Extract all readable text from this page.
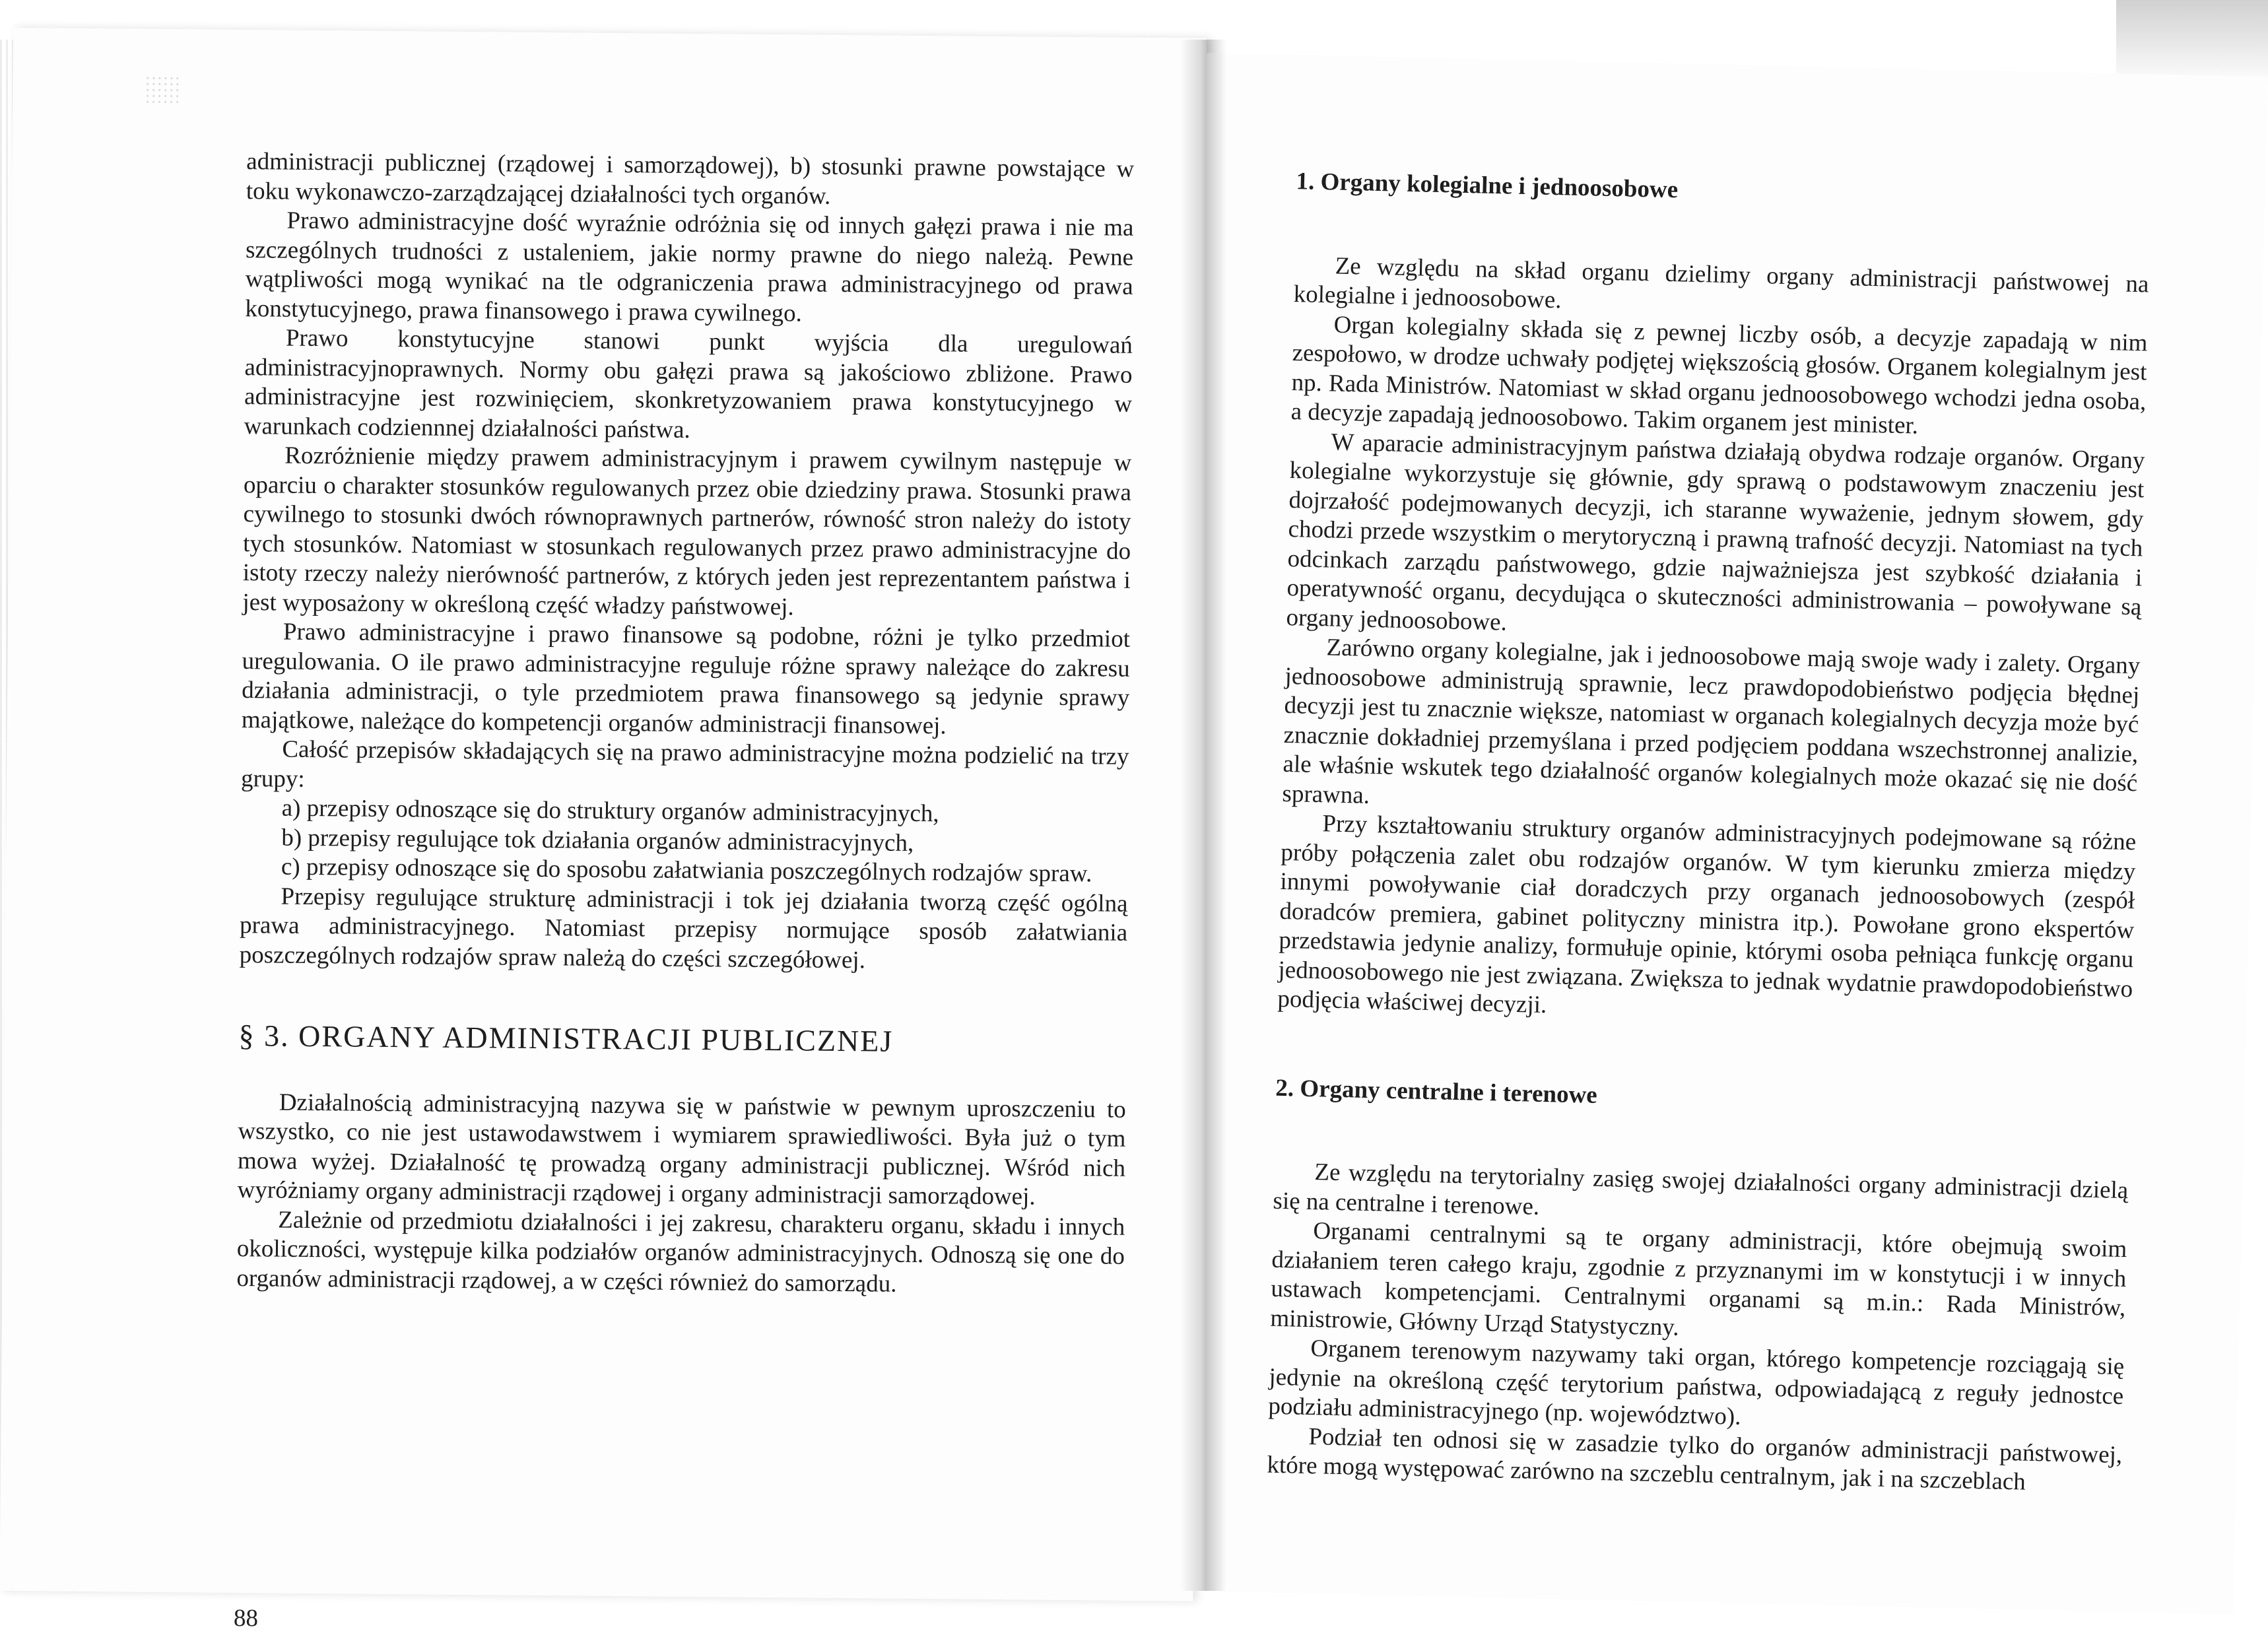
administracji publicznej (rządowej i samorządowej), b) stosunki prawne powstające w toku wykonawczo-zarządzającej działalności tych organów.

Prawo administracyjne dość wyraźnie odróżnia się od innych gałęzi prawa i nie ma szczególnych trudności z ustaleniem, jakie normy prawne do niego należą. Pewne wątpliwości mogą wynikać na tle odgraniczenia prawa administracyjnego od prawa konstytucyjnego, prawa finansowego i prawa cywilnego.

Prawo konstytucyjne stanowi punkt wyjścia dla uregulowań administracyjnoprawnych. Normy obu gałęzi prawa są jakościowo zbliżone. Prawo administracyjne jest rozwinięciem, skonkretyzowaniem prawa konstytucyjnego w warunkach codziennnej działalności państwa.

Rozróżnienie między prawem administracyjnym i prawem cywilnym następuje w oparciu o charakter stosunków regulowanych przez obie dziedziny prawa. Stosunki prawa cywilnego to stosunki dwóch równoprawnych partnerów, równość stron należy do istoty tych stosunków. Natomiast w stosunkach regulowanych przez prawo administracyjne do istoty rzeczy należy nierówność partnerów, z których jeden jest reprezentantem państwa i jest wyposażony w określoną część władzy państwowej.

Prawo administracyjne i prawo finansowe są podobne, różni je tylko przedmiot uregulowania. O ile prawo administracyjne reguluje różne sprawy należące do zakresu działania administracji, o tyle przedmiotem prawa finansowego są jedynie sprawy majątkowe, należące do kompetencji organów administracji finansowej.

Całość przepisów składających się na prawo administracyjne można podzielić na trzy grupy:

a) przepisy odnoszące się do struktury organów administracyjnych,

b) przepisy regulujące tok działania organów administracyjnych,

c) przepisy odnoszące się do sposobu załatwiania poszczególnych rodzajów spraw.

Przepisy regulujące strukturę administracji i tok jej działania tworzą część ogólną prawa administracyjnego. Natomiast przepisy normujące sposób załatwiania poszczególnych rodzajów spraw należą do części szczegółowej.

§ 3. ORGANY ADMINISTRACJI PUBLICZNEJ

Działalnością administracyjną nazywa się w państwie w pewnym uproszczeniu to wszystko, co nie jest ustawodawstwem i wymiarem sprawiedliwości. Była już o tym mowa wyżej. Działalność tę prowadzą organy administracji publicznej. Wśród nich wyróżniamy organy administracji rządowej i organy administracji samorządowej.

Zależnie od przedmiotu działalności i jej zakresu, charakteru organu, składu i innych okoliczności, występuje kilka podziałów organów administracyjnych. Odnoszą się one do organów administracji rządowej, a w części również do samorządu.

88
1. Organy kolegialne i jednoosobowe

Ze względu na skład organu dzielimy organy administracji państwowej na kolegialne i jednoosobowe.

Organ kolegialny składa się z pewnej liczby osób, a decyzje zapadają w nim zespołowo, w drodze uchwały podjętej większością głosów. Organem kolegialnym jest np. Rada Ministrów. Natomiast w skład organu jednoosobowego wchodzi jedna osoba, a decyzje zapadają jednoosobowo. Takim organem jest minister.

W aparacie administracyjnym państwa działają obydwa rodzaje organów. Organy kolegialne wykorzystuje się głównie, gdy sprawą o podstawowym znaczeniu jest dojrzałość podejmowanych decyzji, ich staranne wyważenie, jednym słowem, gdy chodzi przede wszystkim o merytoryczną i prawną trafność decyzji. Natomiast na tych odcinkach zarządu państwowego, gdzie najważniejsza jest szybkość działania i operatywność organu, decydująca o skuteczności administrowania – powoływane są organy jednoosobowe.

Zarówno organy kolegialne, jak i jednoosobowe mają swoje wady i zalety. Organy jednoosobowe administrują sprawnie, lecz prawdopodobieństwo podjęcia błędnej decyzji jest tu znacznie większe, natomiast w organach kolegialnych decyzja może być znacznie dokładniej przemyślana i przed podjęciem poddana wszechstronnej analizie, ale właśnie wskutek tego działalność organów kolegialnych może okazać się nie dość sprawna.

Przy kształtowaniu struktury organów administracyjnych podejmowane są różne próby połączenia zalet obu rodzajów organów. W tym kierunku zmierza między innymi powoływanie ciał doradczych przy organach jednoosobowych (zespół doradców premiera, gabinet polityczny ministra itp.). Powołane grono ekspertów przedstawia jedynie analizy, formułuje opinie, którymi osoba pełniąca funkcję organu jednoosobowego nie jest związana. Zwiększa to jednak wydatnie prawdopodobieństwo podjęcia właściwej decyzji.

2. Organy centralne i terenowe

Ze względu na terytorialny zasięg swojej działalności organy administracji dzielą się na centralne i terenowe.

Organami centralnymi są te organy administracji, które obejmują swoim działaniem teren całego kraju, zgodnie z przyznanymi im w konstytucji i w innych ustawach kompetencjami. Centralnymi organami są m.in.: Rada Ministrów, ministrowie, Główny Urząd Statystyczny.

Organem terenowym nazywamy taki organ, którego kompetencje rozciągają się jedynie na określoną część terytorium państwa, odpowiadającą z reguły jednostce podziału administracyjnego (np. województwo).

Podział ten odnosi się w zasadzie tylko do organów administracji państwowej, które mogą występować zarówno na szczeblu centralnym, jak i na szczeblach
